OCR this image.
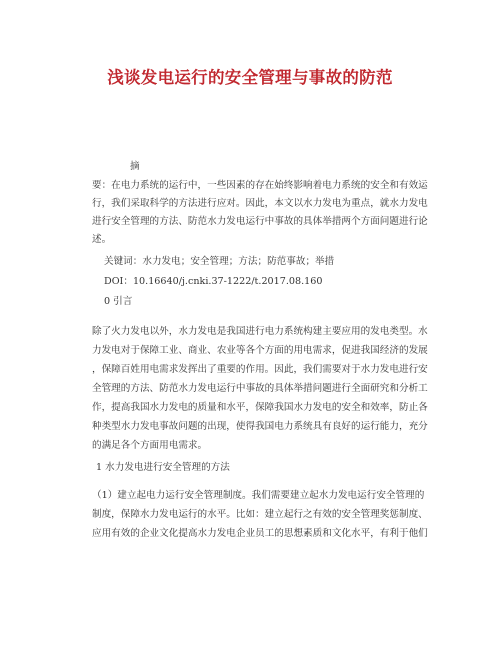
浅谈发电运行的安全管理与事故的防范
摘
要：在电力系统的运行中，一些因素的存在始终影响着电力系统的安全和有效运
行，我们采取科学的方法进行应对。因此，本文以水力发电为重点，就水力发电
进行安全管理的方法、防范水力发电运行中事故的具体举措两个方面问题进行论
述。
关键词：水力发电；安全管理；方法；防范事故；举措
DOI：10.16640/j.cnki.37-1222/t.2017.08.160
0 引言
除了火力发电以外，水力发电是我国进行电力系统构建主要应用的发电类型。水
力发电对于保障工业、商业、农业等各个方面的用电需求，促进我国经济的发展
，保障百姓用电需求发挥出了重要的作用。因此，我们需要对于水力发电进行安
全管理的方法、防范水力发电运行中事故的具体举措问题进行全面研究和分析工
作，提高我国水力发电的质量和水平，保障我国水力发电的安全和效率，防止各
种类型水力发电事故问题的出现，使得我国电力系统具有良好的运行能力，充分
的满足各个方面用电需求。
1 水力发电进行安全管理的方法
（1）建立起电力运行安全管理制度。我们需要建立起水力发电运行安全管理的
制度，保障水力发电运行的水平。比如：建立起行之有效的安全管理奖惩制度、
应用有效的企业文化提高水力发电企业员工的思想素质和文化水平，有利于他们
